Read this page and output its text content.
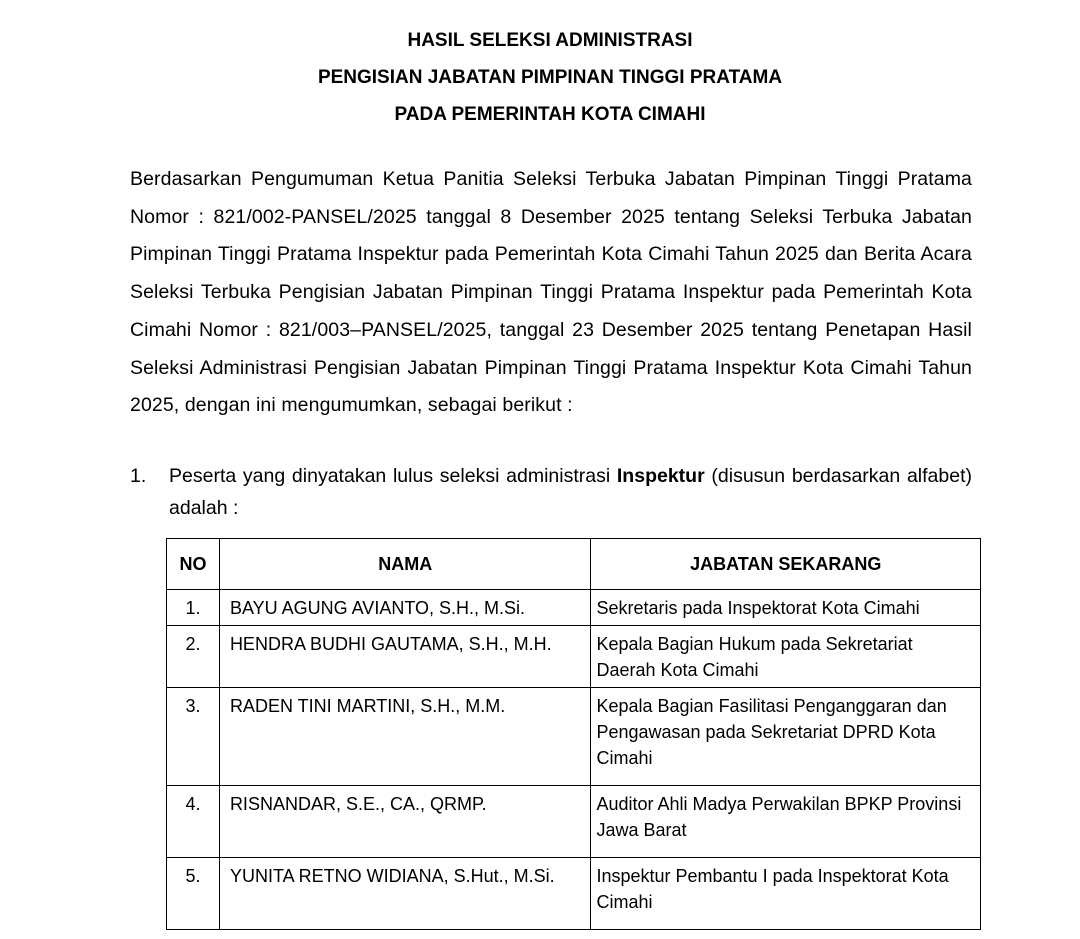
HASIL SELEKSI ADMINISTRASI
PENGISIAN JABATAN PIMPINAN TINGGI PRATAMA
PADA PEMERINTAH KOTA CIMAHI
Berdasarkan Pengumuman Ketua Panitia Seleksi Terbuka Jabatan Pimpinan Tinggi Pratama Nomor : 821/002-PANSEL/2025 tanggal 8 Desember 2025 tentang Seleksi Terbuka Jabatan Pimpinan Tinggi Pratama Inspektur pada Pemerintah Kota Cimahi Tahun 2025 dan Berita Acara Seleksi Terbuka Pengisian Jabatan Pimpinan Tinggi Pratama Inspektur pada Pemerintah Kota Cimahi Nomor : 821/003–PANSEL/2025, tanggal 23 Desember 2025 tentang Penetapan Hasil Seleksi Administrasi Pengisian Jabatan Pimpinan Tinggi Pratama Inspektur Kota Cimahi Tahun 2025, dengan ini mengumumkan, sebagai berikut :
1. Peserta yang dinyatakan lulus seleksi administrasi Inspektur (disusun berdasarkan alfabet) adalah :
NO	NAMA	JABATAN SEKARANG
1.	BAYU AGUNG AVIANTO, S.H., M.Si.	Sekretaris pada Inspektorat Kota Cimahi
2.	HENDRA BUDHI GAUTAMA, S.H., M.H.	Kepala Bagian Hukum pada Sekretariat Daerah Kota Cimahi
3.	RADEN TINI MARTINI, S.H., M.M.	Kepala Bagian Fasilitasi Penganggaran dan Pengawasan pada Sekretariat DPRD Kota Cimahi
4.	RISNANDAR, S.E., CA., QRMP.	Auditor Ahli Madya Perwakilan BPKP Provinsi Jawa Barat
5.	YUNITA RETNO WIDIANA, S.Hut., M.Si.	Inspektur Pembantu I pada Inspektorat Kota Cimahi
